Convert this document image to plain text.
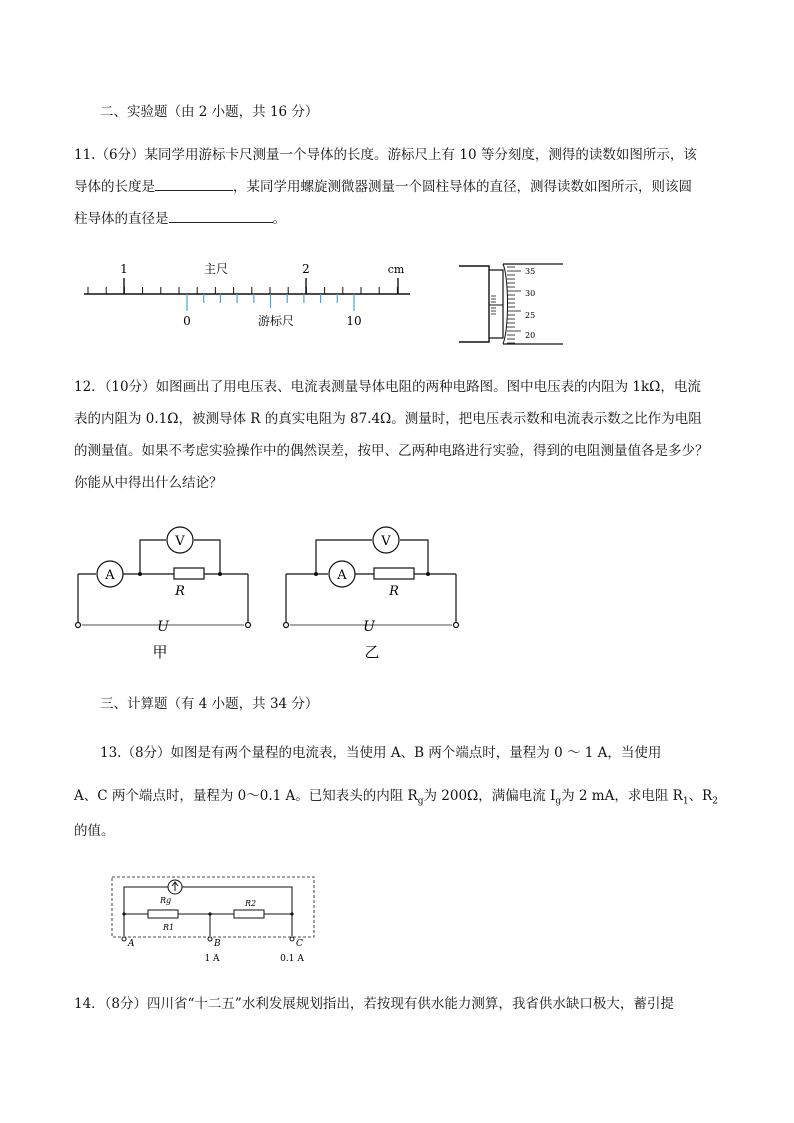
二、实验题（由 2 小题，共 16 分）
11.（6分）某同学用游标卡尺测量一个导体的长度。游标尺上有 10 等分刻度，测得的读数如图所示，该
导体的长度是	，某同学用螺旋测微器测量一个圆柱导体的直径，测得读数如图所示，则该圆
柱导体的直径是	。
1	2
主尺	cm
0	10
游标尺
35
30
25
20
12．（10分）如图画出了用电压表、电流表测量导体电阻的两种电路图。图中电压表的内阻为 1kΩ，电流
表的内阻为 0.1Ω，被测导体 R 的真实电阻为 87.4Ω。测量时，把电压表示数和电流表示数之比作为电阻
的测量值。如果不考虑实验操作中的偶然误差，按甲、乙两种电路进行实验，得到的电阻测量值各是多少？
你能从中得出什么结论？
A
V
R
U
甲
A
V
R
U
乙
三、计算题（有 4 小题，共 34 分）
13.（8分）如图是有两个量程的电流表，当使用 A、B 两个端点时，量程为 0 ～ 1 A，当使用
A、C 两个端点时，量程为 0～0.1 A。已知表头的内阻 $R_g$为 200Ω，满偏电流 $I_g$为 2 mA，求电阻 $R_1$、$R_2$
的值。
Rg
R1
R2
A	B	C
1 A	0.1 A
14．（8分）四川省“十二五”水利发展规划指出，若按现有供水能力测算，我省供水缺口极大，蓄引提
